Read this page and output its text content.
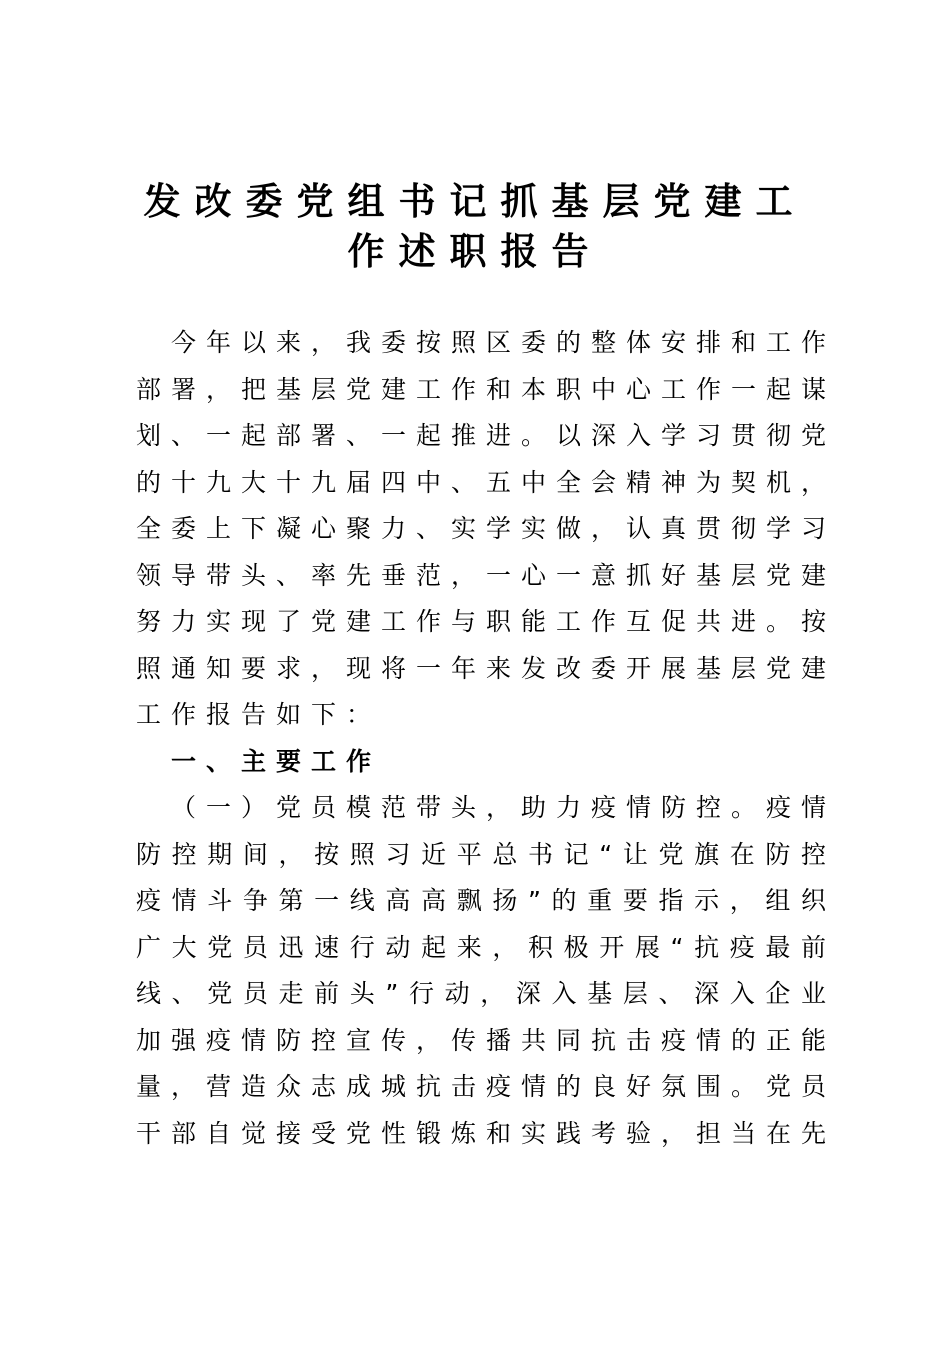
发改委党组书记抓基层党建工
作述职报告
今年以来，我委按照区委的整体安排和工作
部署，把基层党建工作和本职中心工作一起谋
划、一起部署、一起推进。以深入学习贯彻党
的十九大十九届四中、五中全会精神为契机，
全委上下凝心聚力、实学实做，认真贯彻学习
领导带头、率先垂范，一心一意抓好基层党建
努力实现了党建工作与职能工作互促共进。按
照通知要求，现将一年来发改委开展基层党建
工作报告如下：
一、主要工作
（一）党员模范带头，助力疫情防控。疫情
防控期间，按照习近平总书记“让党旗在防控
疫情斗争第一线高高飘扬”的重要指示，组织
广大党员迅速行动起来，积极开展“抗疫最前
线、党员走前头”行动，深入基层、深入企业
加强疫情防控宣传，传播共同抗击疫情的正能
量，营造众志成城抗击疫情的良好氛围。党员
干部自觉接受党性锻炼和实践考验，担当在先
